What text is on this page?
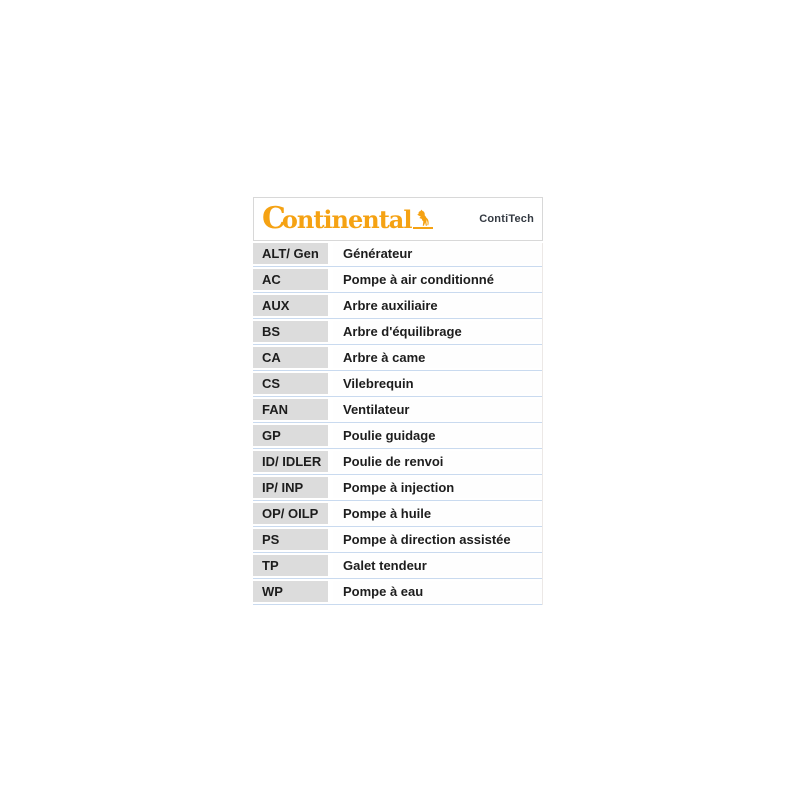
C
ontinental	ContiTech
ALT/ Gen	Générateur
AC	Pompe à air conditionné
AUX	Arbre auxiliaire
BS	Arbre d'équilibrage
CA	Arbre à came
CS	Vilebrequin
FAN	Ventilateur
GP	Poulie guidage
ID/ IDLER	Poulie de renvoi
IP/ INP	Pompe à injection
OP/ OILP	Pompe à huile
PS	Pompe à direction assistée
TP	Galet tendeur
WP	Pompe à eau
